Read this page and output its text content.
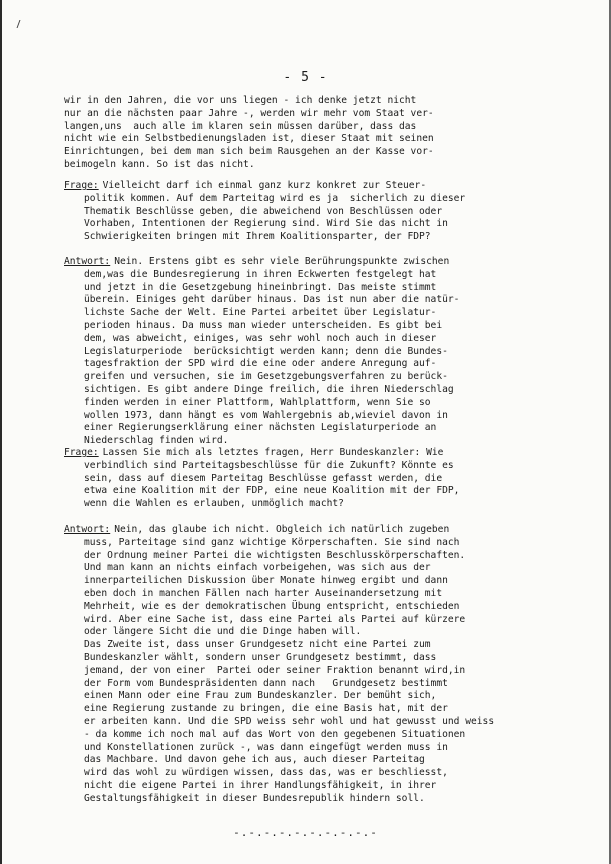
- 5 -
wir in den Jahren, die vor uns liegen - ich denke jetzt nicht
nur an die nächsten paar Jahre -, werden wir mehr vom Staat ver-
langen,uns  auch alle im klaren sein müssen darüber, dass das
nicht wie ein Selbstbedienungsladen ist, dieser Staat mit seinen
Einrichtungen, bei dem man sich beim Rausgehen an der Kasse vor-
beimogeln kann. So ist das nicht.
Frage: Vielleicht darf ich einmal ganz kurz konkret zur Steuer-
politik kommen. Auf dem Parteitag wird es ja  sicherlich zu dieser
Thematik Beschlüsse geben, die abweichend von Beschlüssen oder
Vorhaben, Intentionen der Regierung sind. Wird Sie das nicht in
Schwierigkeiten bringen mit Ihrem Koalitionsparter, der FDP?
Antwort: Nein. Erstens gibt es sehr viele Berührungspunkte zwischen
dem,was die Bundesregierung in ihren Eckwerten festgelegt hat
und jetzt in die Gesetzgebung hineinbringt. Das meiste stimmt
überein. Einiges geht darüber hinaus. Das ist nun aber die natür-
lichste Sache der Welt. Eine Partei arbeitet über Legislatur-
perioden hinaus. Da muss man wieder unterscheiden. Es gibt bei
dem, was abweicht, einiges, was sehr wohl noch auch in dieser
Legislaturperiode  berücksichtigt werden kann; denn die Bundes-
tagesfraktion der SPD wird die eine oder andere Anregung auf-
greifen und versuchen, sie im Gesetzgebungsverfahren zu berück-
sichtigen. Es gibt andere Dinge freilich, die ihren Niederschlag
finden werden in einer Plattform, Wahlplattform, wenn Sie so
wollen 1973, dann hängt es vom Wahlergebnis ab,wieviel davon in
einer Regierungserklärung einer nächsten Legislaturperiode an
Niederschlag finden wird.
Frage: Lassen Sie mich als letztes fragen, Herr Bundeskanzler: Wie
verbindlich sind Parteitagsbeschlüsse für die Zukunft? Könnte es
sein, dass auf diesem Parteitag Beschlüsse gefasst werden, die
etwa eine Koalition mit der FDP, eine neue Koalition mit der FDP,
wenn die Wahlen es erlauben, unmöglich macht?
Antwort: Nein, das glaube ich nicht. Obgleich ich natürlich zugeben
muss, Parteitage sind ganz wichtige Körperschaften. Sie sind nach
der Ordnung meiner Partei die wichtigsten Beschlusskörperschaften.
Und man kann an nichts einfach vorbeigehen, was sich aus der
innerparteilichen Diskussion über Monate hinweg ergibt und dann
eben doch in manchen Fällen nach harter Auseinandersetzung mit
Mehrheit, wie es der demokratischen Übung entspricht, entschieden
wird. Aber eine Sache ist, dass eine Partei als Partei auf kürzere
oder längere Sicht die und die Dinge haben will.
Das Zweite ist, dass unser Grundgesetz nicht eine Partei zum
Bundeskanzler wählt, sondern unser Grundgesetz bestimmt, dass
jemand, der von einer  Partei oder seiner Fraktion benannt wird,in
der Form vom Bundespräsidenten dann nach   Grundgesetz bestimmt
einen Mann oder eine Frau zum Bundeskanzler. Der bemüht sich,
eine Regierung zustande zu bringen, die eine Basis hat, mit der
er arbeiten kann. Und die SPD weiss sehr wohl und hat gewusst und weiss
- da komme ich noch mal auf das Wort von den gegebenen Situationen
und Konstellationen zurück -, was dann eingefügt werden muss in
das Machbare. Und davon gehe ich aus, auch dieser Parteitag
wird das wohl zu würdigen wissen, dass das, was er beschliesst,
nicht die eigene Partei in ihrer Handlungsfähigkeit, in ihrer
Gestaltungsfähigkeit in dieser Bundesrepublik hindern soll.
-.-.-.-.-.-.-.-.-.-
